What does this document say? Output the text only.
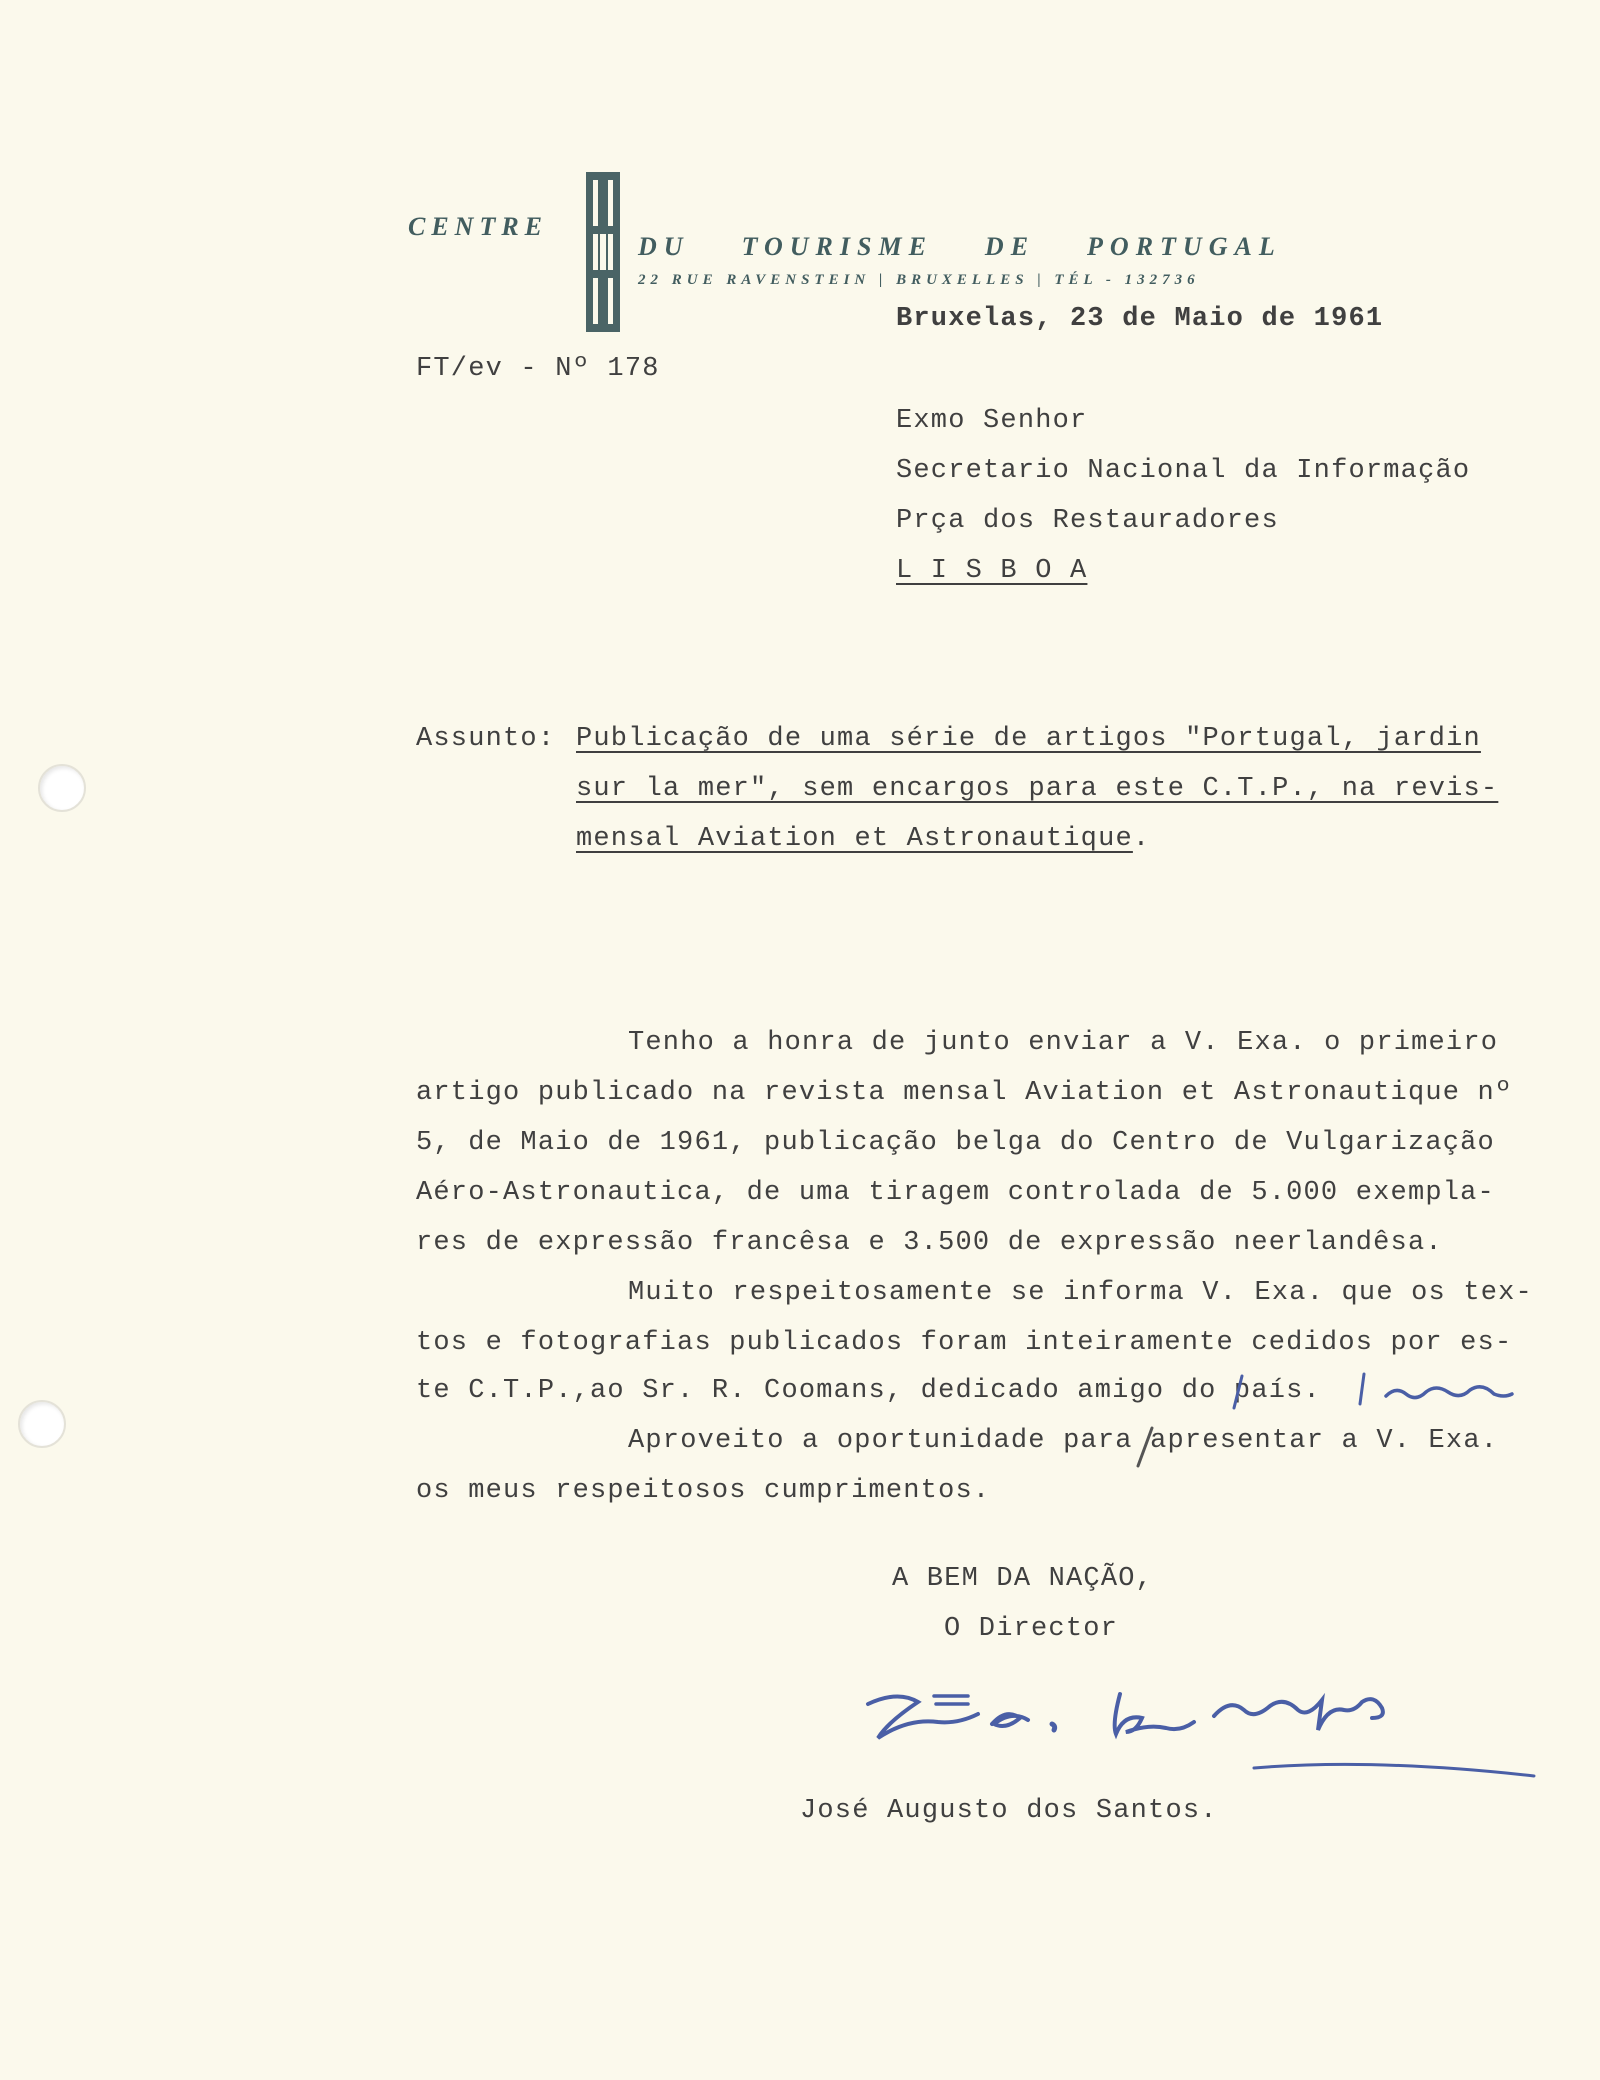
CENTRE
DU TOURISME DE PORTUGAL
22 RUE RAVENSTEIN | BRUXELLES | TÉL - 132736
Bruxelas, 23 de Maio de 1961
FT/ev - Nº 178
Exmo Senhor
Secretario Nacional da Informação
Prça dos Restauradores
L I S B O A
Assunto: Publicação de uma série de artigos "Portugal, jardin
sur la mer", sem encargos para este C.T.P., na revis-
mensal Aviation et Astronautique.
Tenho a honra de junto enviar a V. Exa. o primeiro
artigo publicado na revista mensal Aviation et Astronautique nº
5, de Maio de 1961, publicação belga do Centro de Vulgarização
Aéro-Astronautica, de uma tiragem controlada de 5.000 exempla-
res de expressão francêsa e 3.500 de expressão neerlandêsa.
Muito respeitosamente se informa V. Exa. que os tex-
tos e fotografias publicados foram inteiramente cedidos por es-
te C.T.P.,ao Sr. R. Coomans, dedicado amigo do país.
Aproveito a oportunidade para apresentar a V. Exa.
os meus respeitosos cumprimentos.
A BEM DA NAÇÃO,
O Director
José Augusto dos Santos.
